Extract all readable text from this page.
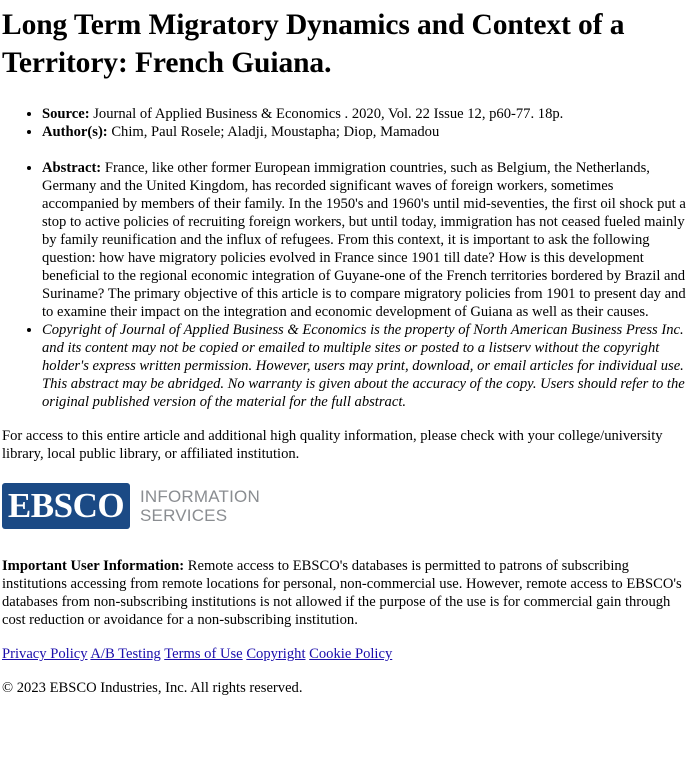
Long Term Migratory Dynamics and Context of a Territory: French Guiana.
• Source: Journal of Applied Business & Economics . 2020, Vol. 22 Issue 12, p60-77. 18p.
• Author(s): Chim, Paul Rosele; Aladji, Moustapha; Diop, Mamadou
• Abstract: France, like other former European immigration countries, such as Belgium, the Netherlands, Germany and the United Kingdom, has recorded significant waves of foreign workers, sometimes accompanied by members of their family. In the 1950's and 1960's until mid-seventies, the first oil shock put a stop to active policies of recruiting foreign workers, but until today, immigration has not ceased fueled mainly by family reunification and the influx of refugees. From this context, it is important to ask the following question: how have migratory policies evolved in France since 1901 till date? How is this development beneficial to the regional economic integration of Guyane-one of the French territories bordered by Brazil and Suriname? The primary objective of this article is to compare migratory policies from 1901 to present day and to examine their impact on the integration and economic development of Guiana as well as their causes.
• Copyright of Journal of Applied Business & Economics is the property of North American Business Press Inc. and its content may not be copied or emailed to multiple sites or posted to a listserv without the copyright holder's express written permission. However, users may print, download, or email articles for individual use. This abstract may be abridged. No warranty is given about the accuracy of the copy. Users should refer to the original published version of the material for the full abstract.

For access to this entire article and additional high quality information, please check with your college/university library, local public library, or affiliated institution.

EBSCO INFORMATION
SERVICES

Important User Information: Remote access to EBSCO's databases is permitted to patrons of subscribing institutions accessing from remote locations for personal, non-commercial use. However, remote access to EBSCO's databases from non-subscribing institutions is not allowed if the purpose of the use is for commercial gain through cost reduction or avoidance for a non-subscribing institution.

Privacy Policy A/B Testing Terms of Use Copyright Cookie Policy

© 2023 EBSCO Industries, Inc. All rights reserved.
